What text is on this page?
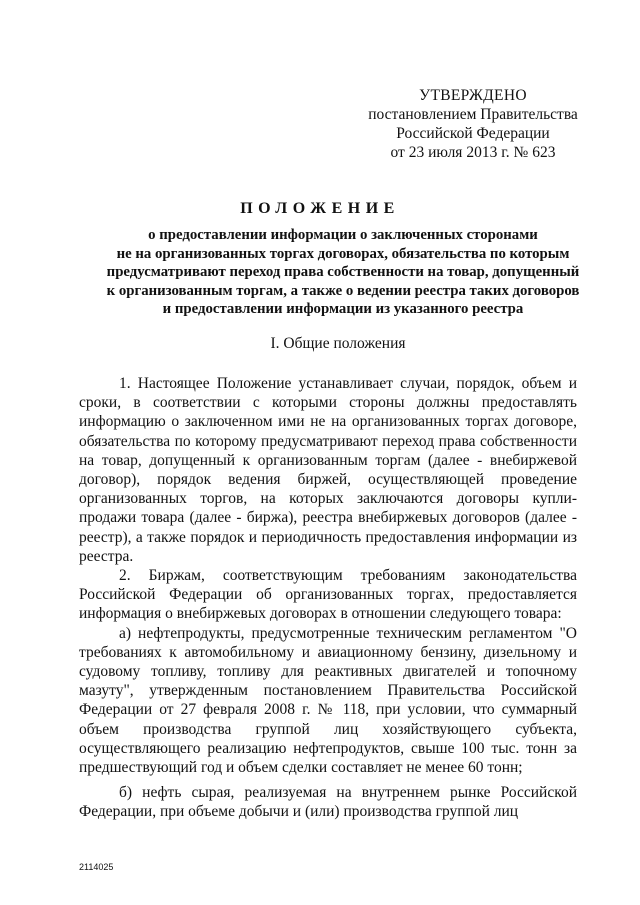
УТВЕРЖДЕНО
постановлением Правительства
Российской Федерации
от 23 июля 2013 г. № 623
ПОЛОЖЕНИЕ
о предоставлении информации о заключенных сторонами
не на организованных торгах договорах, обязательства по которым
предусматривают переход права собственности на товар, допущенный
к организованным торгам, а также о ведении реестра таких договоров
и предоставлении информации из указанного реестра
I. Общие положения

1. Настоящее Положение устанавливает случаи, порядок, объем и сроки, в соответствии с которыми стороны должны предоставлять информацию о заключенном ими не на организованных торгах договоре, обязательства по которому предусматривают переход права собственности на товар, допущенный к организованным торгам (далее - внебиржевой договор), порядок ведения биржей, осуществляющей проведение организованных торгов, на которых заключаются договоры купли-продажи товара (далее - биржа), реестра внебиржевых договоров (далее - реестр), а также порядок и периодичность предоставления информации из реестра.

2. Биржам, соответствующим требованиям законодательства Российской Федерации об организованных торгах, предоставляется информация о внебиржевых договорах в отношении следующего товара:

а) нефтепродукты, предусмотренные техническим регламентом "О требованиях к автомобильному и авиационному бензину, дизельному и судовому топливу, топливу для реактивных двигателей и топочному мазуту", утвержденным постановлением Правительства Российской Федерации от 27 февраля 2008 г. № 118, при условии, что суммарный объем производства группой лиц хозяйствующего субъекта, осуществляющего реализацию нефтепродуктов, свыше 100 тыс. тонн за предшествующий год и объем сделки составляет не менее 60 тонн;

б) нефть сырая, реализуемая на внутреннем рынке Российской Федерации, при объеме добычи и (или) производства группой лиц

2114025
